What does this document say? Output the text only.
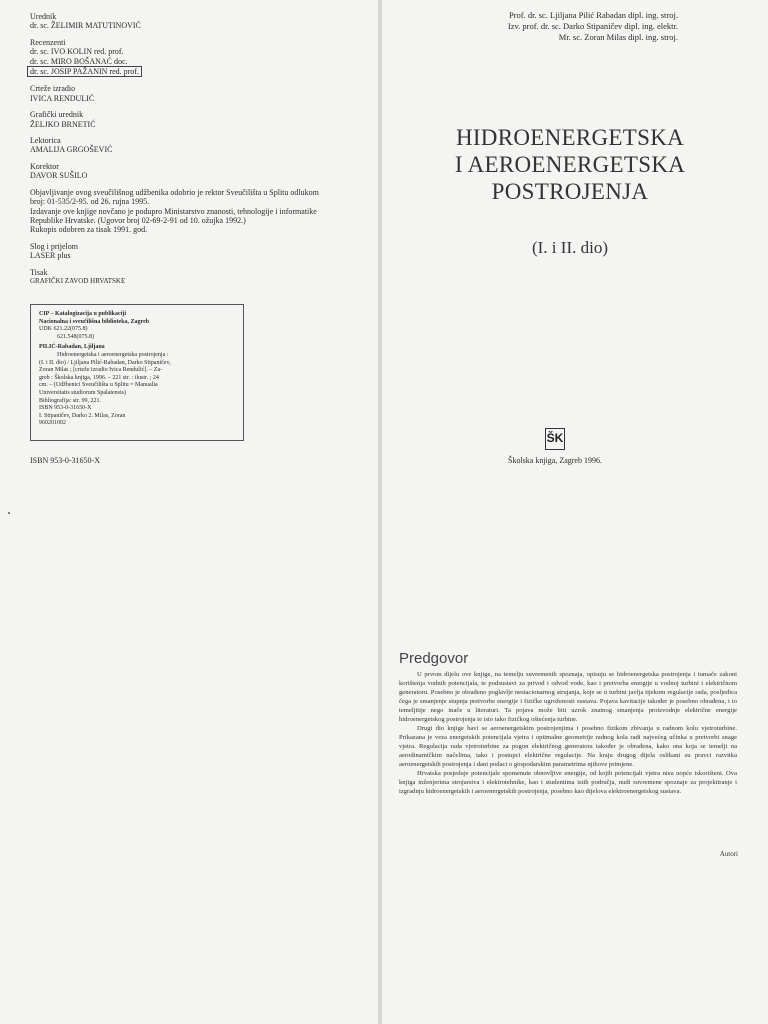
Urednik
dr. sc. ŽELIMIR MATUTINOVIĆ
Recenzenti
dr. sc. IVO KOLIN red. prof.
dr. sc. MIRO BOŠANAĆ doc.
dr. sc. JOSIP PAŽANIN red. prof.
Crteže izradio
IVICA RENDULIĆ
Grafički urednik
ŽELJKO BRNETIĆ
Lektorica
AMALIJA GRGOŠEVIĆ
Korektor
DAVOR SUŠILO
Objavljivanje ovog sveučilišnog udžbenika odobrio je rektor Sveučilišta u Splitu odlukom
broj: 01-535/2-95. od 26. rujna 1995.
Izdavanje ove knjige novčano je podupro Ministarstvo znanosti, tehnologije i informatike
Republike Hrvatske. (Ugovor broj 02-69-2-91 od 10. ožujka 1992.)
Rukopis odobren za tisak 1991. god.
Slog i prijelom
LASER plus
Tisak
GRAFIČKI ZAVOD HRVATSKE
CIP – Katalogizacija u publikaciji
Nacionalna i sveučilišna biblioteka, Zagreb
UDK 621.22(075.8)
621.548(075.8)
PILIĆ-Rabadan, Ljiljana
Hidroenergetska i aeroenergetska postrojenja :
(I. i II. dio) / Ljiljana Pilić-Rabadan, Darko Stipaničev,
Zoran Milas ; [crteže izradio Ivica Rendulić]. – Za-
greb : Školska knjiga, 1996. – 221 str. : ilustr. ; 24
cm. – (Udžbenici Sveučilišta u Splitu = Manualia
Universitatis studiorum Spalatensis)
Bibliografija: str. 99, 221.
ISBN 953-0-31650-X
I. Stipaničev, Darko 2. Milas, Zoran
960201002
ISBN 953-0-31650-X
Prof. dr. sc. Ljiljana Pilić Rabadan dipl. ing. stroj.
Izv. prof. dr. sc. Darko Stipaničev dipl. ing. elektr.
Mr. sc. Zoran Milas dipl. ing. stroj.
HIDROENERGETSKA
I AEROENERGETSKA
POSTROJENJA
(I. i II. dio)
ŠK
Školska knjiga, Zagreb 1996.
Predgovor

U prvom dijelu ove knjige, na temelju suvremenih spoznaja, opisuju se hidroenergetska postrojenja i tumače zakoni korištenja vodnih potencijala, te podsustavi za privod i odvod vode, kao i pretvorba energije u vodnoj turbini i električnom generatoru. Posebno je obrađeno poglavlje nestacionarnog strujanja, koje se u turbini javlja tijekom regulacije rada, posljedica čega je smanjenje stupnja pretvorbe energije i fizičke ugroženosti sustava. Pojava kavitacije također je posebno obrađena, i to temeljitije nego inače u literaturi. Ta pojava može biti uzrok znatnog smanjenja proizvodnje električne energije hidroenergetskog postrojenja te isto tako fizičkog oštećenja turbine.

Drugi dio knjige bavi se aeroenergetskim postrojenjima i posebno fizikom zbivanja u radnom kolu vjetroturbine. Prikazana je veza energetskih potencijala vjetra i optimalne geometrije radnog kola radi najvećeg učinka u pretvorbi snage vjetra. Regulacija rada vjetroturbine za pogon električnog generatora također je obrađena, kako ona koja se temelji na aerodinamičkim načelima, tako i postupci električne regulacije. Na kraju drugog dijela oslikani su pravci razvitka aeroenergetskih postrojenja i dani podaci o gospodarskim parametrima njihove primjene.

Hrvatska posjeduje potencijale spomenute obnovljive energije, od kojih potencijali vjetra nisu uopće iskorišteni. Ova knjiga inženjerima strojarstva i elektrotehnike, kao i studentima istih područja, nudi suvremene spoznaje za projektiranje i izgradnju hidroenergetskih i aeroenergetskih postrojenja, posebno kao dijelova elektroenergetskog sustava.

Autori
